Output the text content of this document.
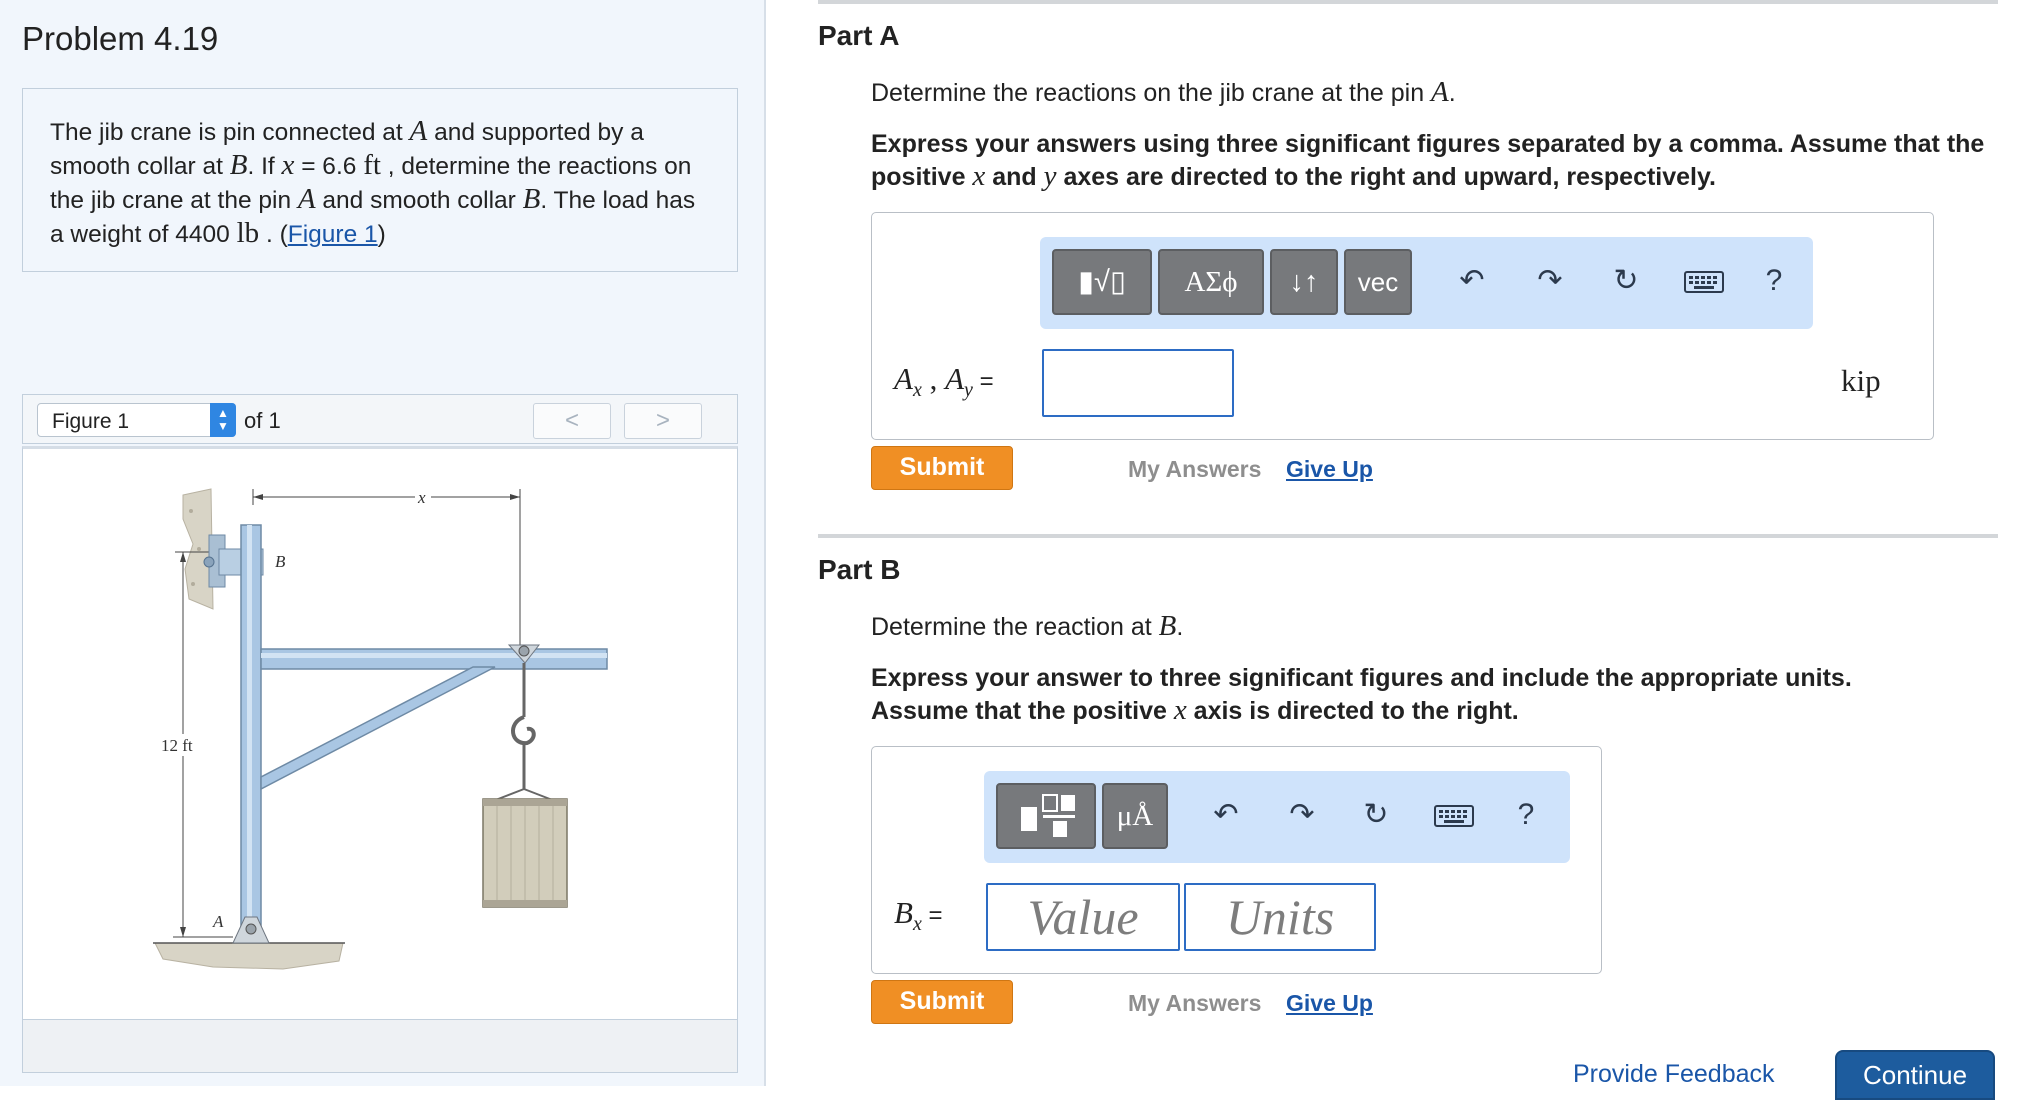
Problem 4.19
The jib crane is pin connected at A and supported by a smooth collar at B. If x = 6.6 ft , determine the reactions on the jib crane at the pin A and smooth collar B. The load has a weight of 4400 lb . (Figure 1)
Figure 1	▲
▼ of 1	<	>
x
12 ft
B
A
Part A
Determine the reactions on the jib crane at the pin A.
Express your answers using three significant figures separated by a comma. Assume that the positive x and y axes are directed to the right and upward, respectively.
▮√▯	ΑΣϕ	↓↑	vec	↶ ↷ ↻	?
$A_x$ , $A_y$ =	kip
Submit	My Answers Give Up
Part B
Determine the reaction at B.
Express your answer to three significant figures and include the appropriate units.
Assume that the positive x axis is directed to the right.
μÅ	↶ ↷ ↻	?
$B_x$ =	Value	Units
Submit	My Answers Give Up
Provide Feedback	Continue
